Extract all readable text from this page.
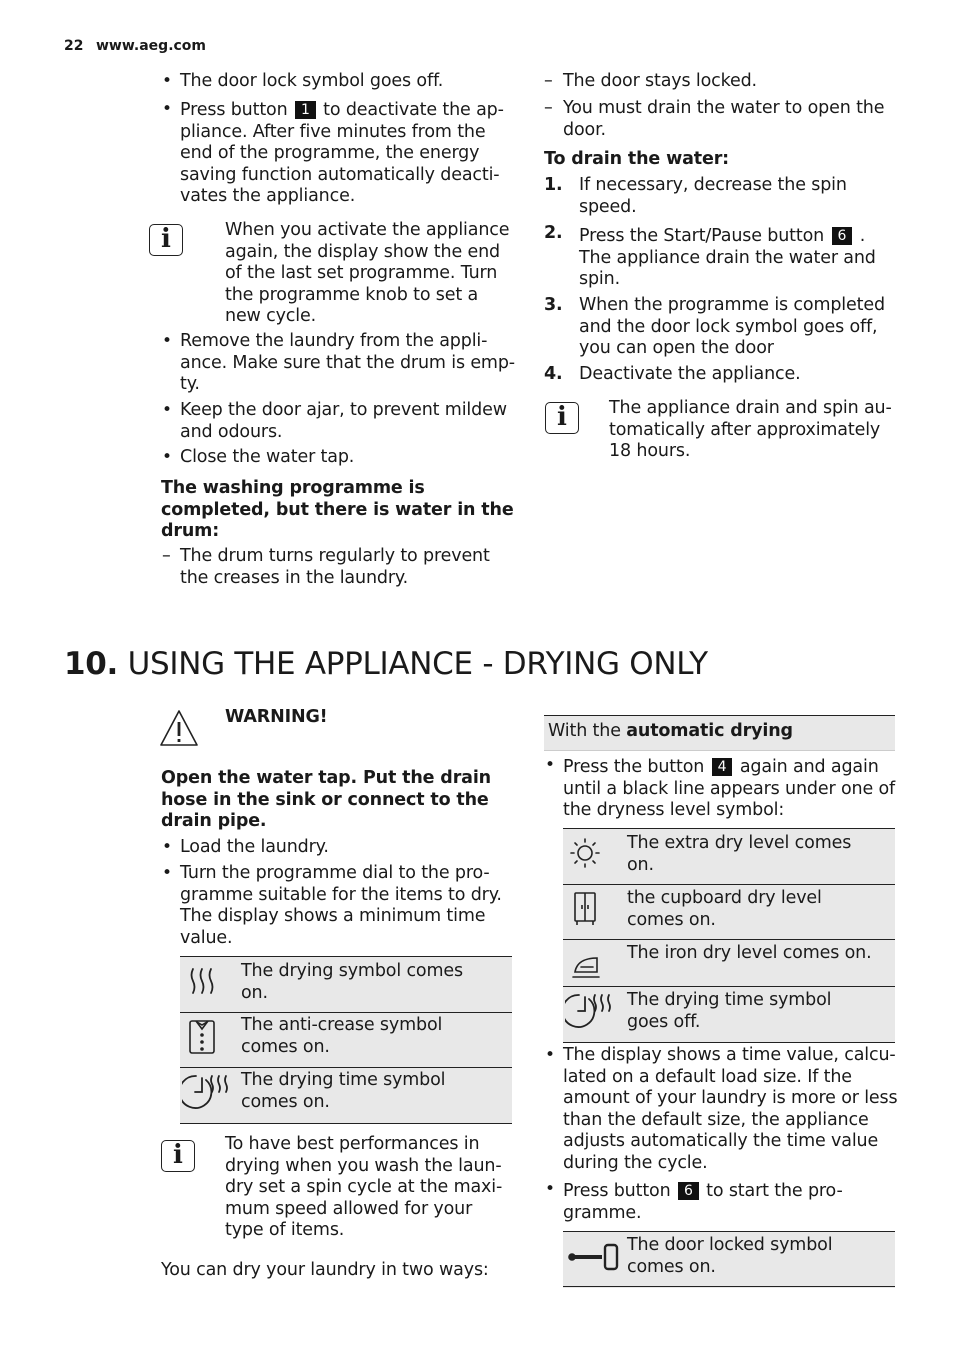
22 www.aeg.com
• The door lock symbol goes off.
• Press button 1 to deactivate the ap-
pliance. After five minutes from the
end of the programme, the energy
saving function automatically deacti-
vates the appliance.
i	When you activate the appliance
again, the display show the end
of the last set programme. Turn
the programme knob to set a
new cycle.
• Remove the laundry from the appli-
ance. Make sure that the drum is emp-
ty.
• Keep the door ajar, to prevent mildew
and odours.
• Close the water tap.
The washing programme is
completed, but there is water in the
drum:
– The drum turns regularly to prevent
the creases in the laundry.
– The door stays locked.
– You must drain the water to open the
door.
To drain the water:
1. If necessary, decrease the spin
speed.
2. Press the Start/Pause button 6 .
The appliance drain the water and
spin.
3. When the programme is completed
and the door lock symbol goes off,
you can open the door
4. Deactivate the appliance.
i	The appliance drain and spin au-
tomatically after approximately
18 hours.
10. USING THE APPLIANCE - DRYING ONLY
WARNING!
Open the water tap. Put the drain
hose in the sink or connect to the
drain pipe.
• Load the laundry.
• Turn the programme dial to the pro-
gramme suitable for the items to dry.
The display shows a minimum time
value.
The drying symbol comes
on.
The anti-crease symbol
comes on.
The drying time symbol
comes on.
i	To have best performances in
drying when you wash the laun-
dry set a spin cycle at the maxi-
mum speed allowed for your
type of items.
You can dry your laundry in two ways:
With the automatic drying
• Press the button 4 again and again
until a black line appears under one of
the dryness level symbol:
The extra dry level comes
on.
the cupboard dry level
comes on.
The iron dry level comes on.
The drying time symbol
goes off.
• The display shows a time value, calcu-
lated on a default load size. If the
amount of your laundry is more or less
than the default size, the appliance
adjusts automatically the time value
during the cycle.
• Press button 6 to start the pro-
gramme.
The door locked symbol
comes on.
